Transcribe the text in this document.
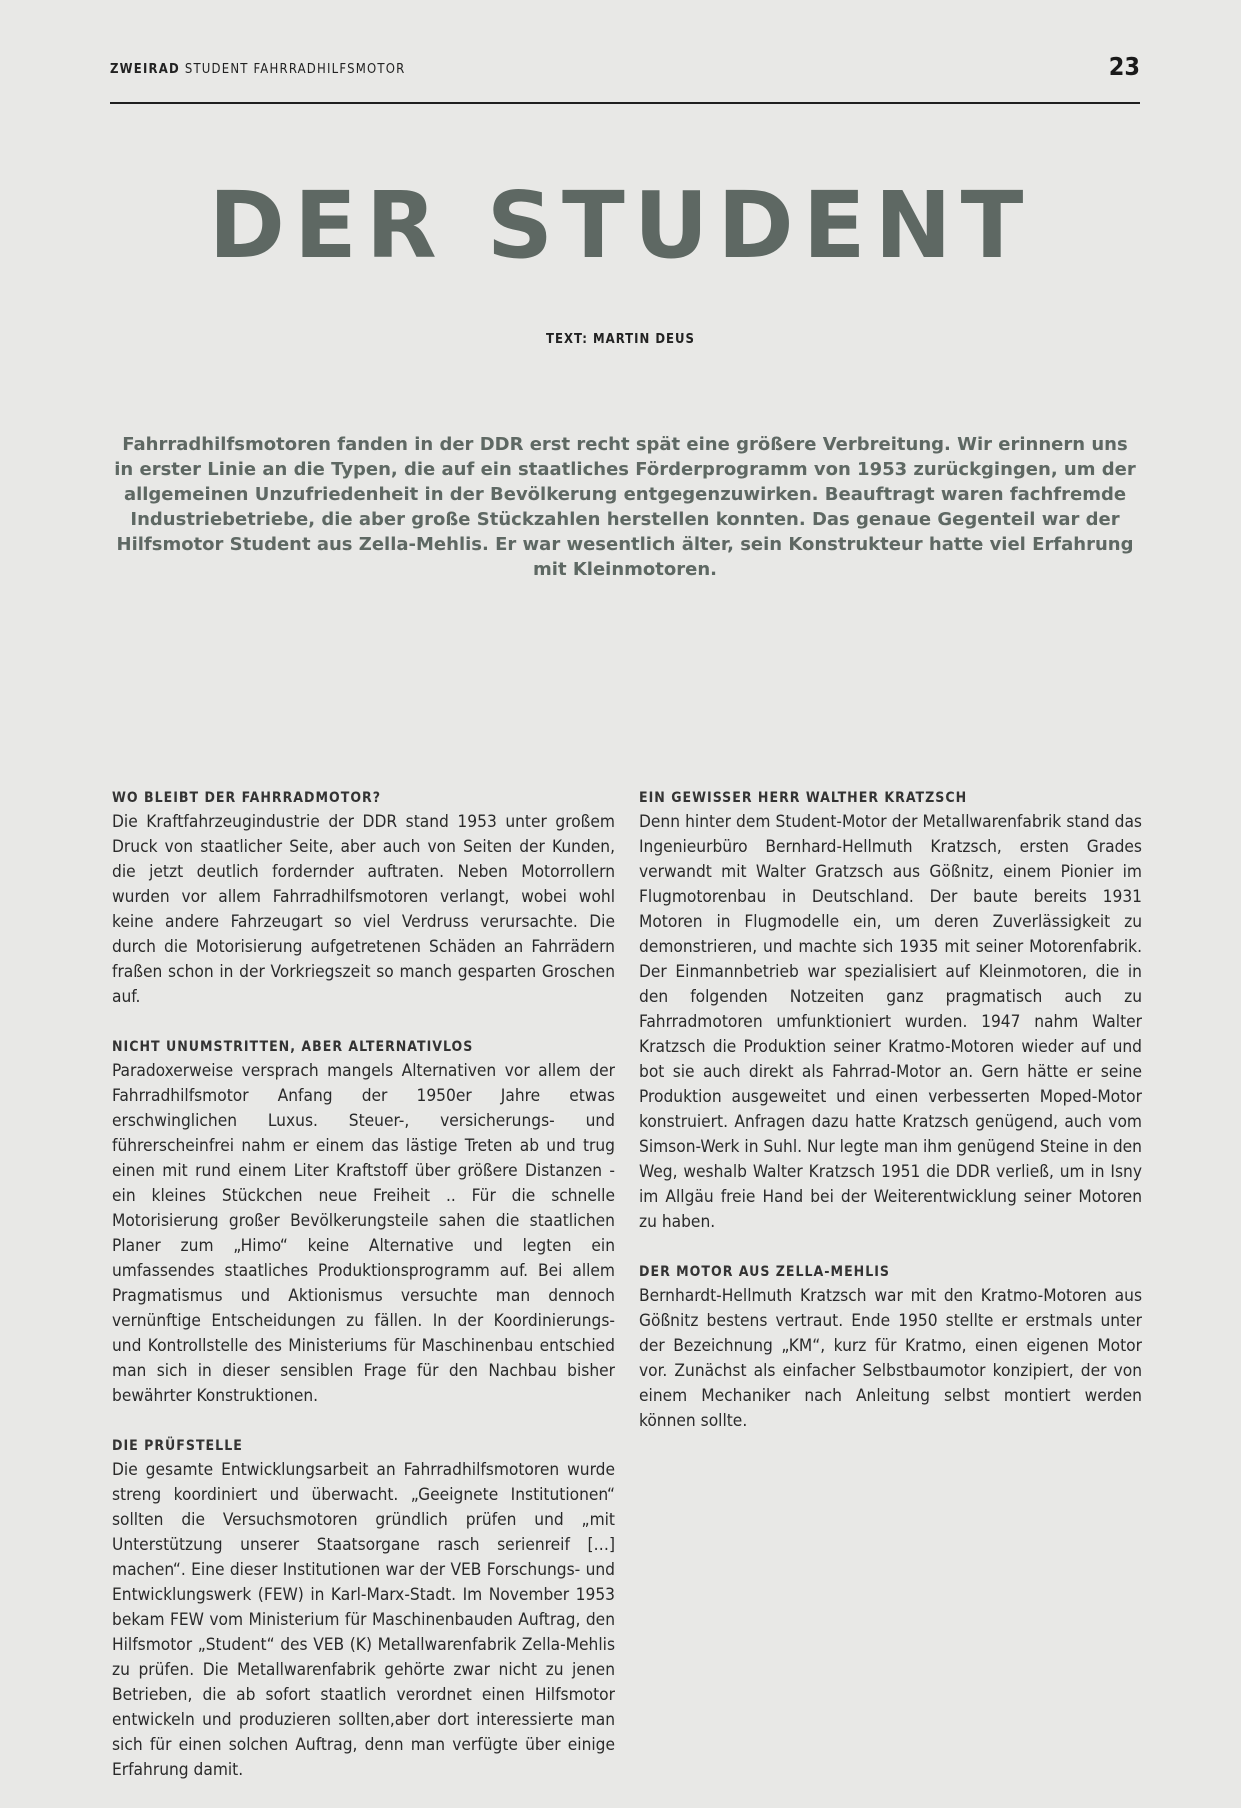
ZWEIRAD STUDENT FAHRRADHILFSMOTOR	23
DER STUDENT
TEXT: MARTIN DEUS

Fahrradhilfsmotoren fanden in der DDR erst recht spät eine größere Verbreitung. Wir erinnern uns in erster Linie an die Typen, die auf ein staatliches Förderprogramm von 1953 zurückgingen, um der allgemeinen Unzufriedenheit in der Bevölkerung entgegenzuwirken. Beauftragt waren fachfremde Industriebetriebe, die aber große Stückzahlen herstellen konnten. Das genaue Gegenteil war der Hilfsmotor Student aus Zella-Mehlis. Er war wesentlich älter, sein Konstrukteur hatte viel Erfahrung mit Kleinmotoren.

WO BLEIBT DER FAHRRADMOTOR?

Die Kraftfahrzeugindustrie der DDR stand 1953 unter großem Druck von staatlicher Seite, aber auch von Seiten der Kunden, die jetzt deutlich fordernder auftraten. Neben Motorrollern wurden vor allem Fahrradhilfsmotoren verlangt, wobei wohl keine andere Fahrzeugart so viel Verdruss verursachte. Die durch die Motorisierung aufgetretenen Schäden an Fahrrädern fraßen schon in der Vorkriegszeit so manch gesparten Groschen auf.

NICHT UNUMSTRITTEN, ABER ALTERNATIVLOS

Paradoxerweise versprach mangels Alternativen vor allem der Fahrradhilfsmotor Anfang der 1950er Jahre etwas erschwinglichen Luxus. Steuer-, versicherungs- und führerscheinfrei nahm er einem das lästige Treten ab und trug einen mit rund einem Liter Kraftstoff über größere Distanzen - ein kleines Stückchen neue Freiheit .. Für die schnelle Motorisierung großer Bevölkerungsteile sahen die staatlichen Planer zum „Himo“ keine Alternative und legten ein umfassendes staatliches Produktionsprogramm auf. Bei allem Pragmatismus und Aktionismus versuchte man dennoch vernünftige Entscheidungen zu fällen. In der Koordinierungs- und Kontrollstelle des Ministeriums für Maschinenbau entschied man sich in dieser sensiblen Frage für den Nachbau bisher bewährter Konstruktionen.

DIE PRÜFSTELLE

Die gesamte Entwicklungsarbeit an Fahrradhilfsmotoren wurde streng koordiniert und überwacht. „Geeignete Institutionen“ sollten die Versuchsmotoren gründlich prüfen und „mit Unterstützung unserer Staatsorgane rasch serienreif […] machen“. Eine dieser Institutionen war der VEB Forschungs- und Entwicklungswerk (FEW) in Karl-Marx-Stadt. Im November 1953 bekam FEW vom Ministerium für Maschinenbauden Auftrag, den Hilfsmotor „Student“ des VEB (K) Metallwarenfabrik Zella-Mehlis zu prüfen. Die Metallwarenfabrik gehörte zwar nicht zu jenen Betrieben, die ab sofort staatlich verordnet einen Hilfsmotor entwickeln und produzieren sollten,aber dort interessierte man sich für einen solchen Auftrag, denn man verfügte über einige Erfahrung damit.

EIN GEWISSER HERR WALTHER KRATZSCH

Denn hinter dem Student-Motor der Metallwarenfabrik stand das Ingenieurbüro Bernhard-Hellmuth Kratzsch, ersten Grades verwandt mit Walter Gratzsch aus Gößnitz, einem Pionier im Flugmotorenbau in Deutschland. Der baute bereits 1931 Motoren in Flugmodelle ein, um deren Zuverlässigkeit zu demonstrieren, und machte sich 1935 mit seiner Motorenfabrik. Der Einmannbetrieb war spezialisiert auf Kleinmotoren, die in den folgenden Notzeiten ganz pragmatisch auch zu Fahrradmotoren umfunktioniert wurden. 1947 nahm Walter Kratzsch die Produktion seiner Kratmo-Motoren wieder auf und bot sie auch direkt als Fahrrad-Motor an. Gern hätte er seine Produktion ausgeweitet und einen verbesserten Moped-Motor konstruiert. Anfragen dazu hatte Kratzsch genügend, auch vom Simson-Werk in Suhl. Nur legte man ihm genügend Steine in den Weg, weshalb Walter Kratzsch 1951 die DDR verließ, um in Isny im Allgäu freie Hand bei der Weiterentwicklung seiner Motoren zu haben.

DER MOTOR AUS ZELLA-MEHLIS

Bernhardt-Hellmuth Kratzsch war mit den Kratmo-Motoren aus Gößnitz bestens vertraut. Ende 1950 stellte er erstmals unter der Bezeichnung „KM“, kurz für Kratmo, einen eigenen Motor vor. Zunächst als einfacher Selbstbaumotor konzipiert, der von einem Mechaniker nach Anleitung selbst montiert werden können sollte.
